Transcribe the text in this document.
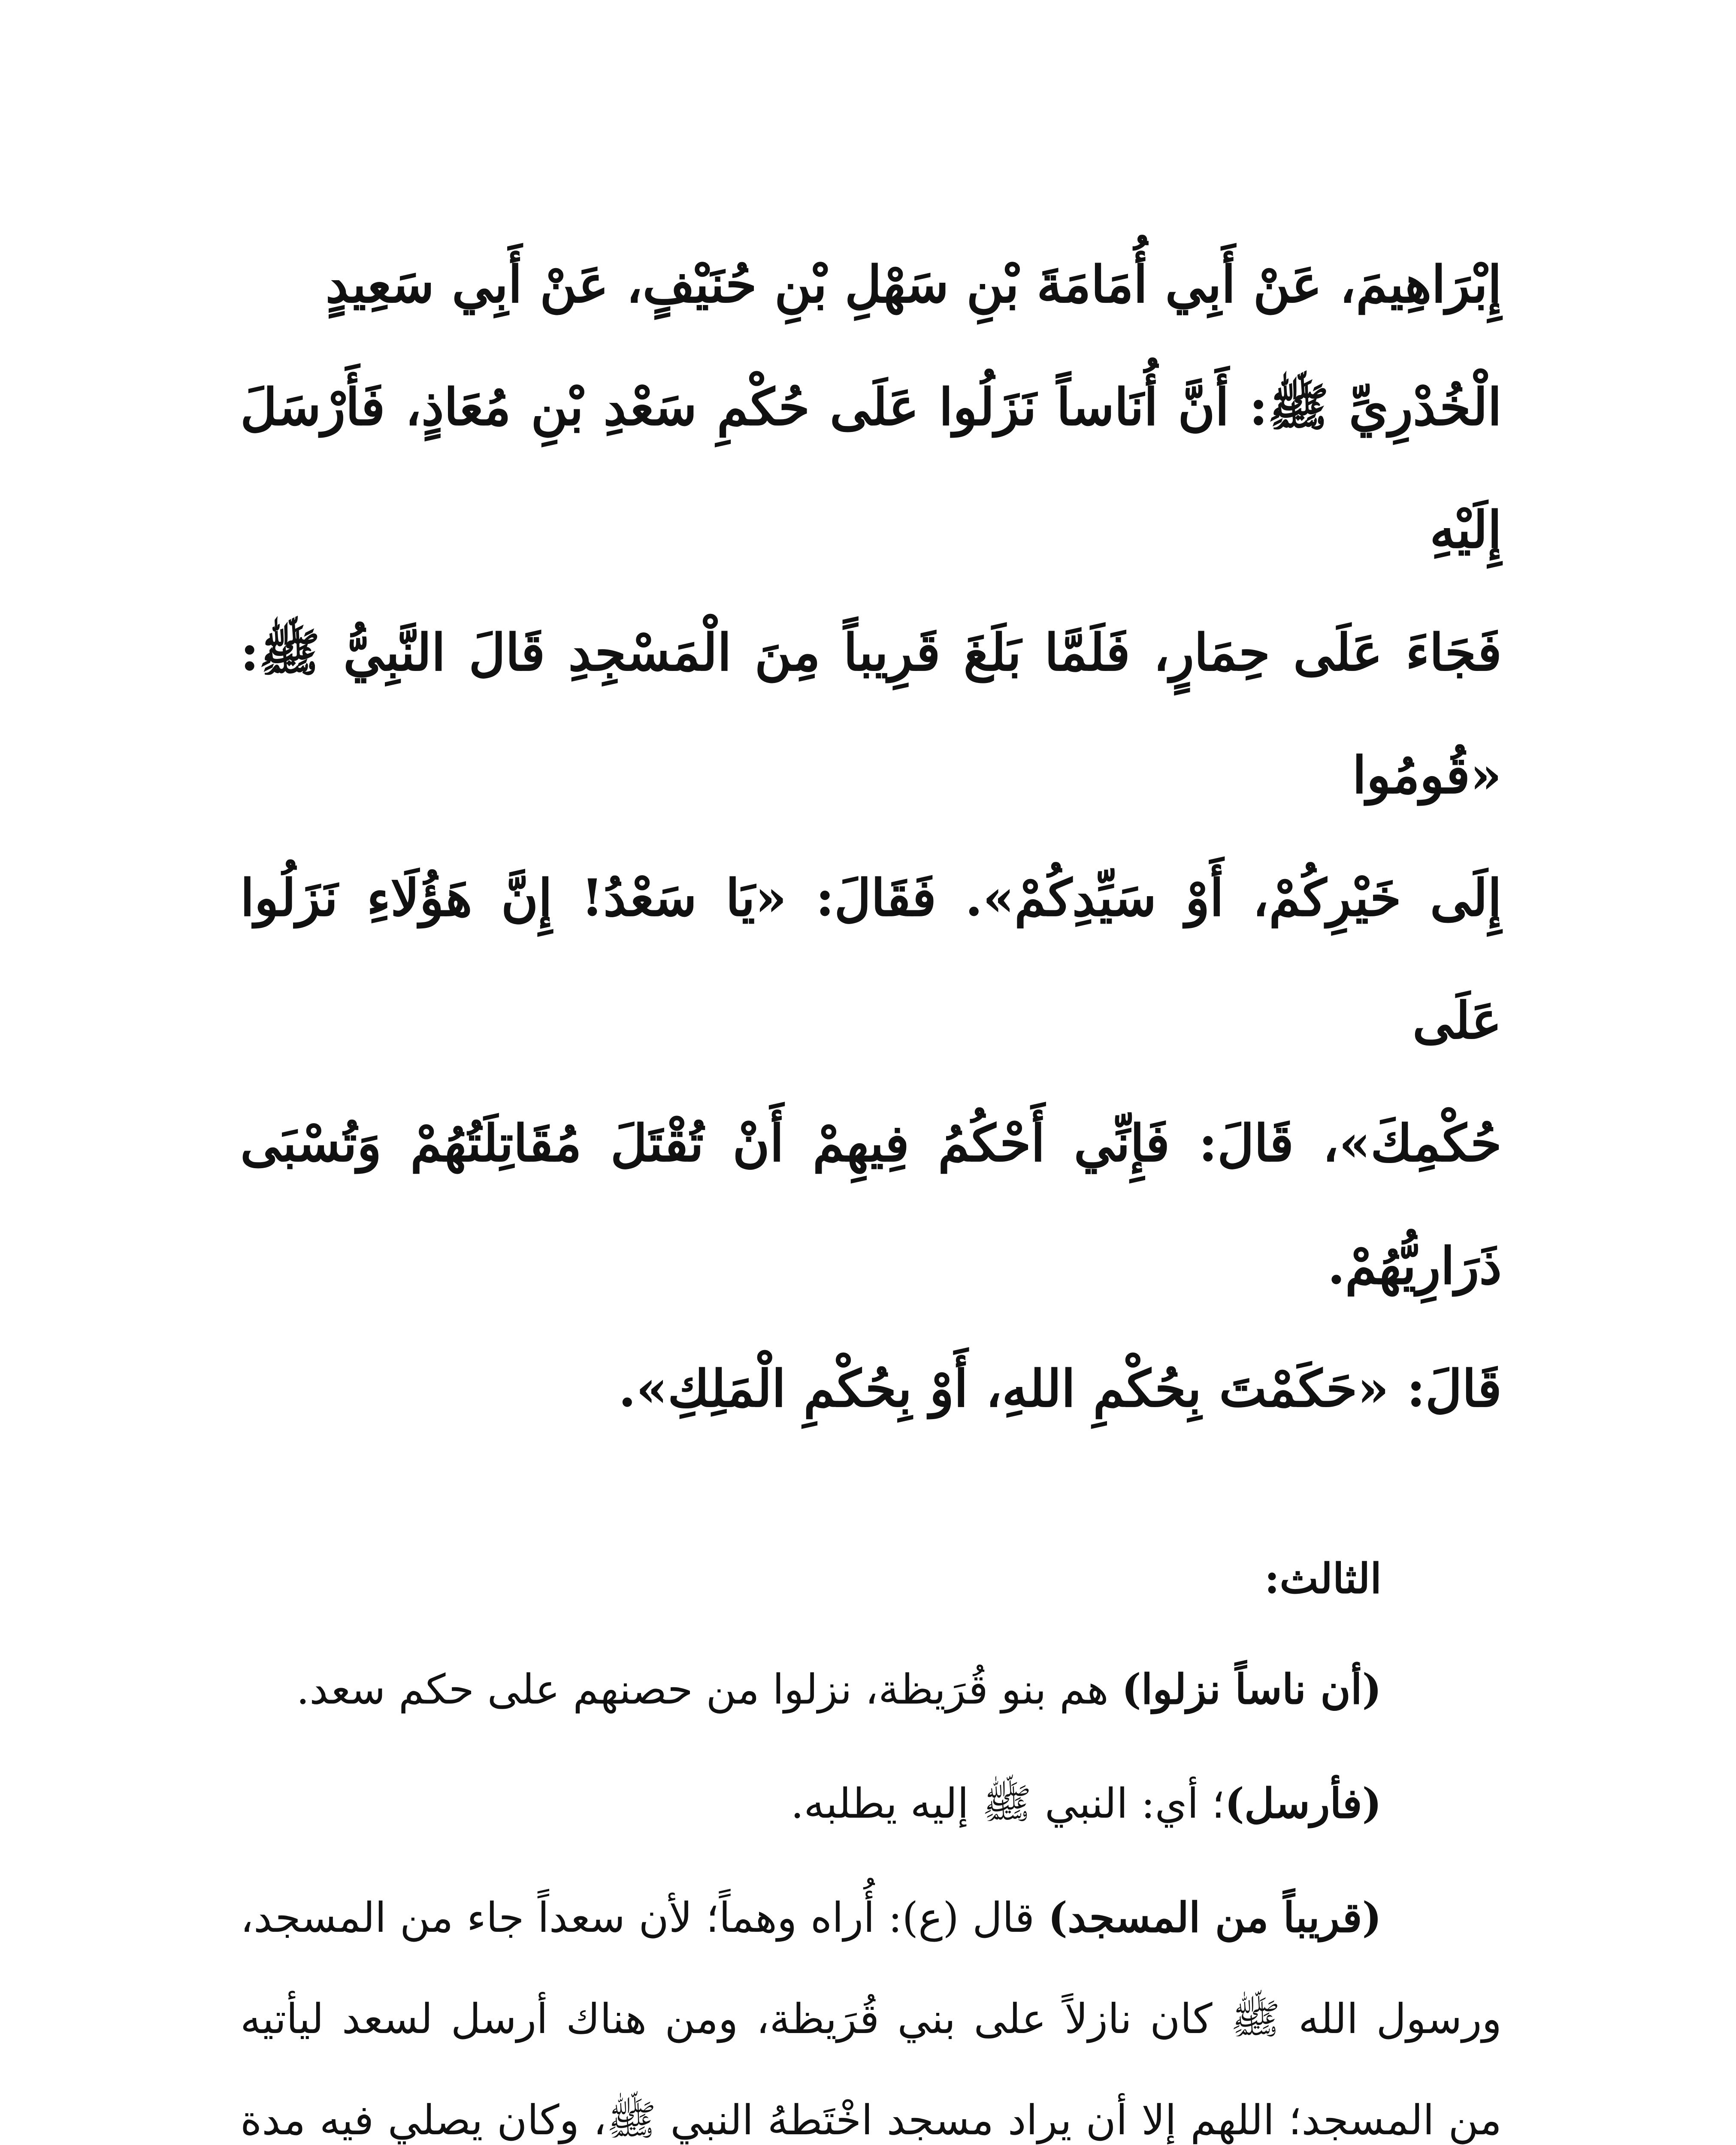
إِبْرَاهِيمَ، عَنْ أَبِي أُمَامَةَ بْنِ سَهْلِ بْنِ حُنَيْفٍ، عَنْ أَبِي سَعِيدٍ
الْخُدْرِيِّ ﷺ: أَنَّ أُنَاساً نَزَلُوا عَلَى حُكْمِ سَعْدِ بْنِ مُعَاذٍ، فَأَرْسَلَ إِلَيْهِ
فَجَاءَ عَلَى حِمَارٍ، فَلَمَّا بَلَغَ قَرِيباً مِنَ الْمَسْجِدِ قَالَ النَّبِيُّ ﷺ: «قُومُوا
إِلَى خَيْرِكُمْ، أَوْ سَيِّدِكُمْ». فَقَالَ: «يَا سَعْدُ! إِنَّ هَؤُلَاءِ نَزَلُوا عَلَى
حُكْمِكَ»، قَالَ: فَإِنِّي أَحْكُمُ فِيهِمْ أَنْ تُقْتَلَ مُقَاتِلَتُهُمْ وَتُسْبَى ذَرَارِيُّهُمْ.
قَالَ: «حَكَمْتَ بِحُكْمِ اللهِ، أَوْ بِحُكْمِ الْمَلِكِ».
الثالث:

(أن ناساً نزلوا) هم بنو قُرَيظة، نزلوا من حصنهم على حكم سعد.

(فأرسل)؛ أي: النبي ﷺ إليه يطلبه.

(قريباً من المسجد) قال (ع): أُراه وهماً؛ لأن سعداً جاء من المسجد، ورسول الله ﷺ كان نازلاً على بني قُرَيظة، ومن هناك أرسل لسعد ليأتيه من المسجد؛ اللهم إلا أن يراد مسجد اخْتَطهُ النبي ﷺ، وكان يصلي فيه مدة
